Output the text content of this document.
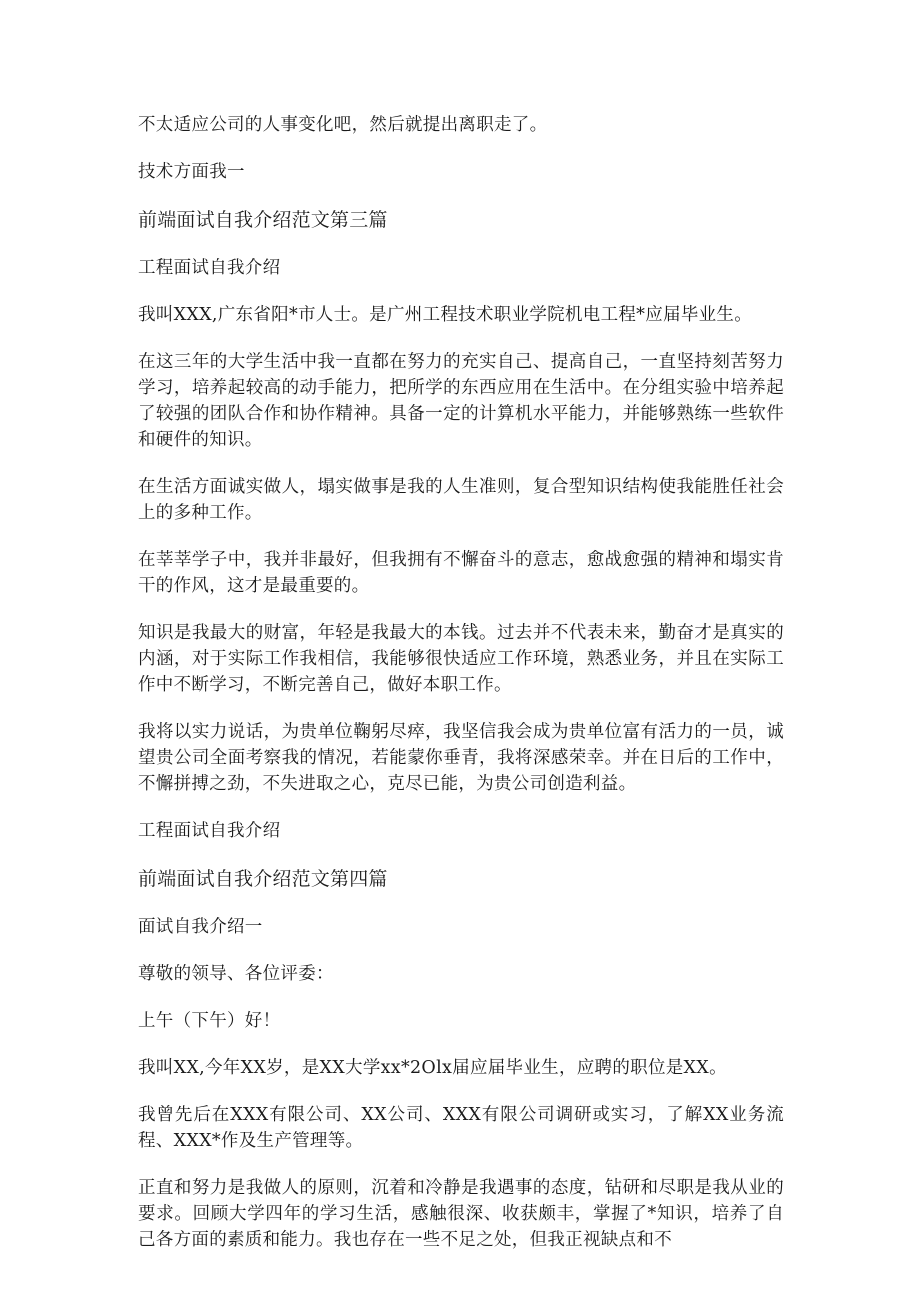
不太适应公司的人事变化吧，然后就提出离职走了。

技术方面我一

前端面试自我介绍范文第三篇

工程面试自我介绍

我叫XXX,广东省阳*市人士。是广州工程技术职业学院机电工程*应届毕业生。

在这三年的大学生活中我一直都在努力的充实自己、提高自己，一直坚持刻苦努力学习，培养起较高的动手能力，把所学的东西应用在生活中。在分组实验中培养起了较强的团队合作和协作精神。具备一定的计算机水平能力，并能够熟练一些软件和硬件的知识。

在生活方面诚实做人，塌实做事是我的人生准则，复合型知识结构使我能胜任社会上的多种工作。

在莘莘学子中，我并非最好，但我拥有不懈奋斗的意志，愈战愈强的精神和塌实肯干的作风，这才是最重要的。

知识是我最大的财富，年轻是我最大的本钱。过去并不代表未来，勤奋才是真实的内涵，对于实际工作我相信，我能够很快适应工作环境，熟悉业务，并且在实际工作中不断学习，不断完善自己，做好本职工作。

我将以实力说话，为贵单位鞠躬尽瘁，我坚信我会成为贵单位富有活力的一员，诚望贵公司全面考察我的情况，若能蒙你垂青，我将深感荣幸。并在日后的工作中，不懈拼搏之劲，不失进取之心，克尽已能，为贵公司创造利益。

工程面试自我介绍

前端面试自我介绍范文第四篇

面试自我介绍一

尊敬的领导、各位评委：

上午（下午）好！

我叫XX,今年XX岁，是XX大学xx*2Olx届应届毕业生，应聘的职位是XX。

我曾先后在XXX有限公司、XX公司、XXX有限公司调研或实习，了解XX业务流程、XXX*作及生产管理等。

正直和努力是我做人的原则，沉着和冷静是我遇事的态度，钻研和尽职是我从业的要求。回顾大学四年的学习生活，感触很深、收获颇丰，掌握了*知识，培养了自己各方面的素质和能力。我也存在一些不足之处，但我正视缺点和不
